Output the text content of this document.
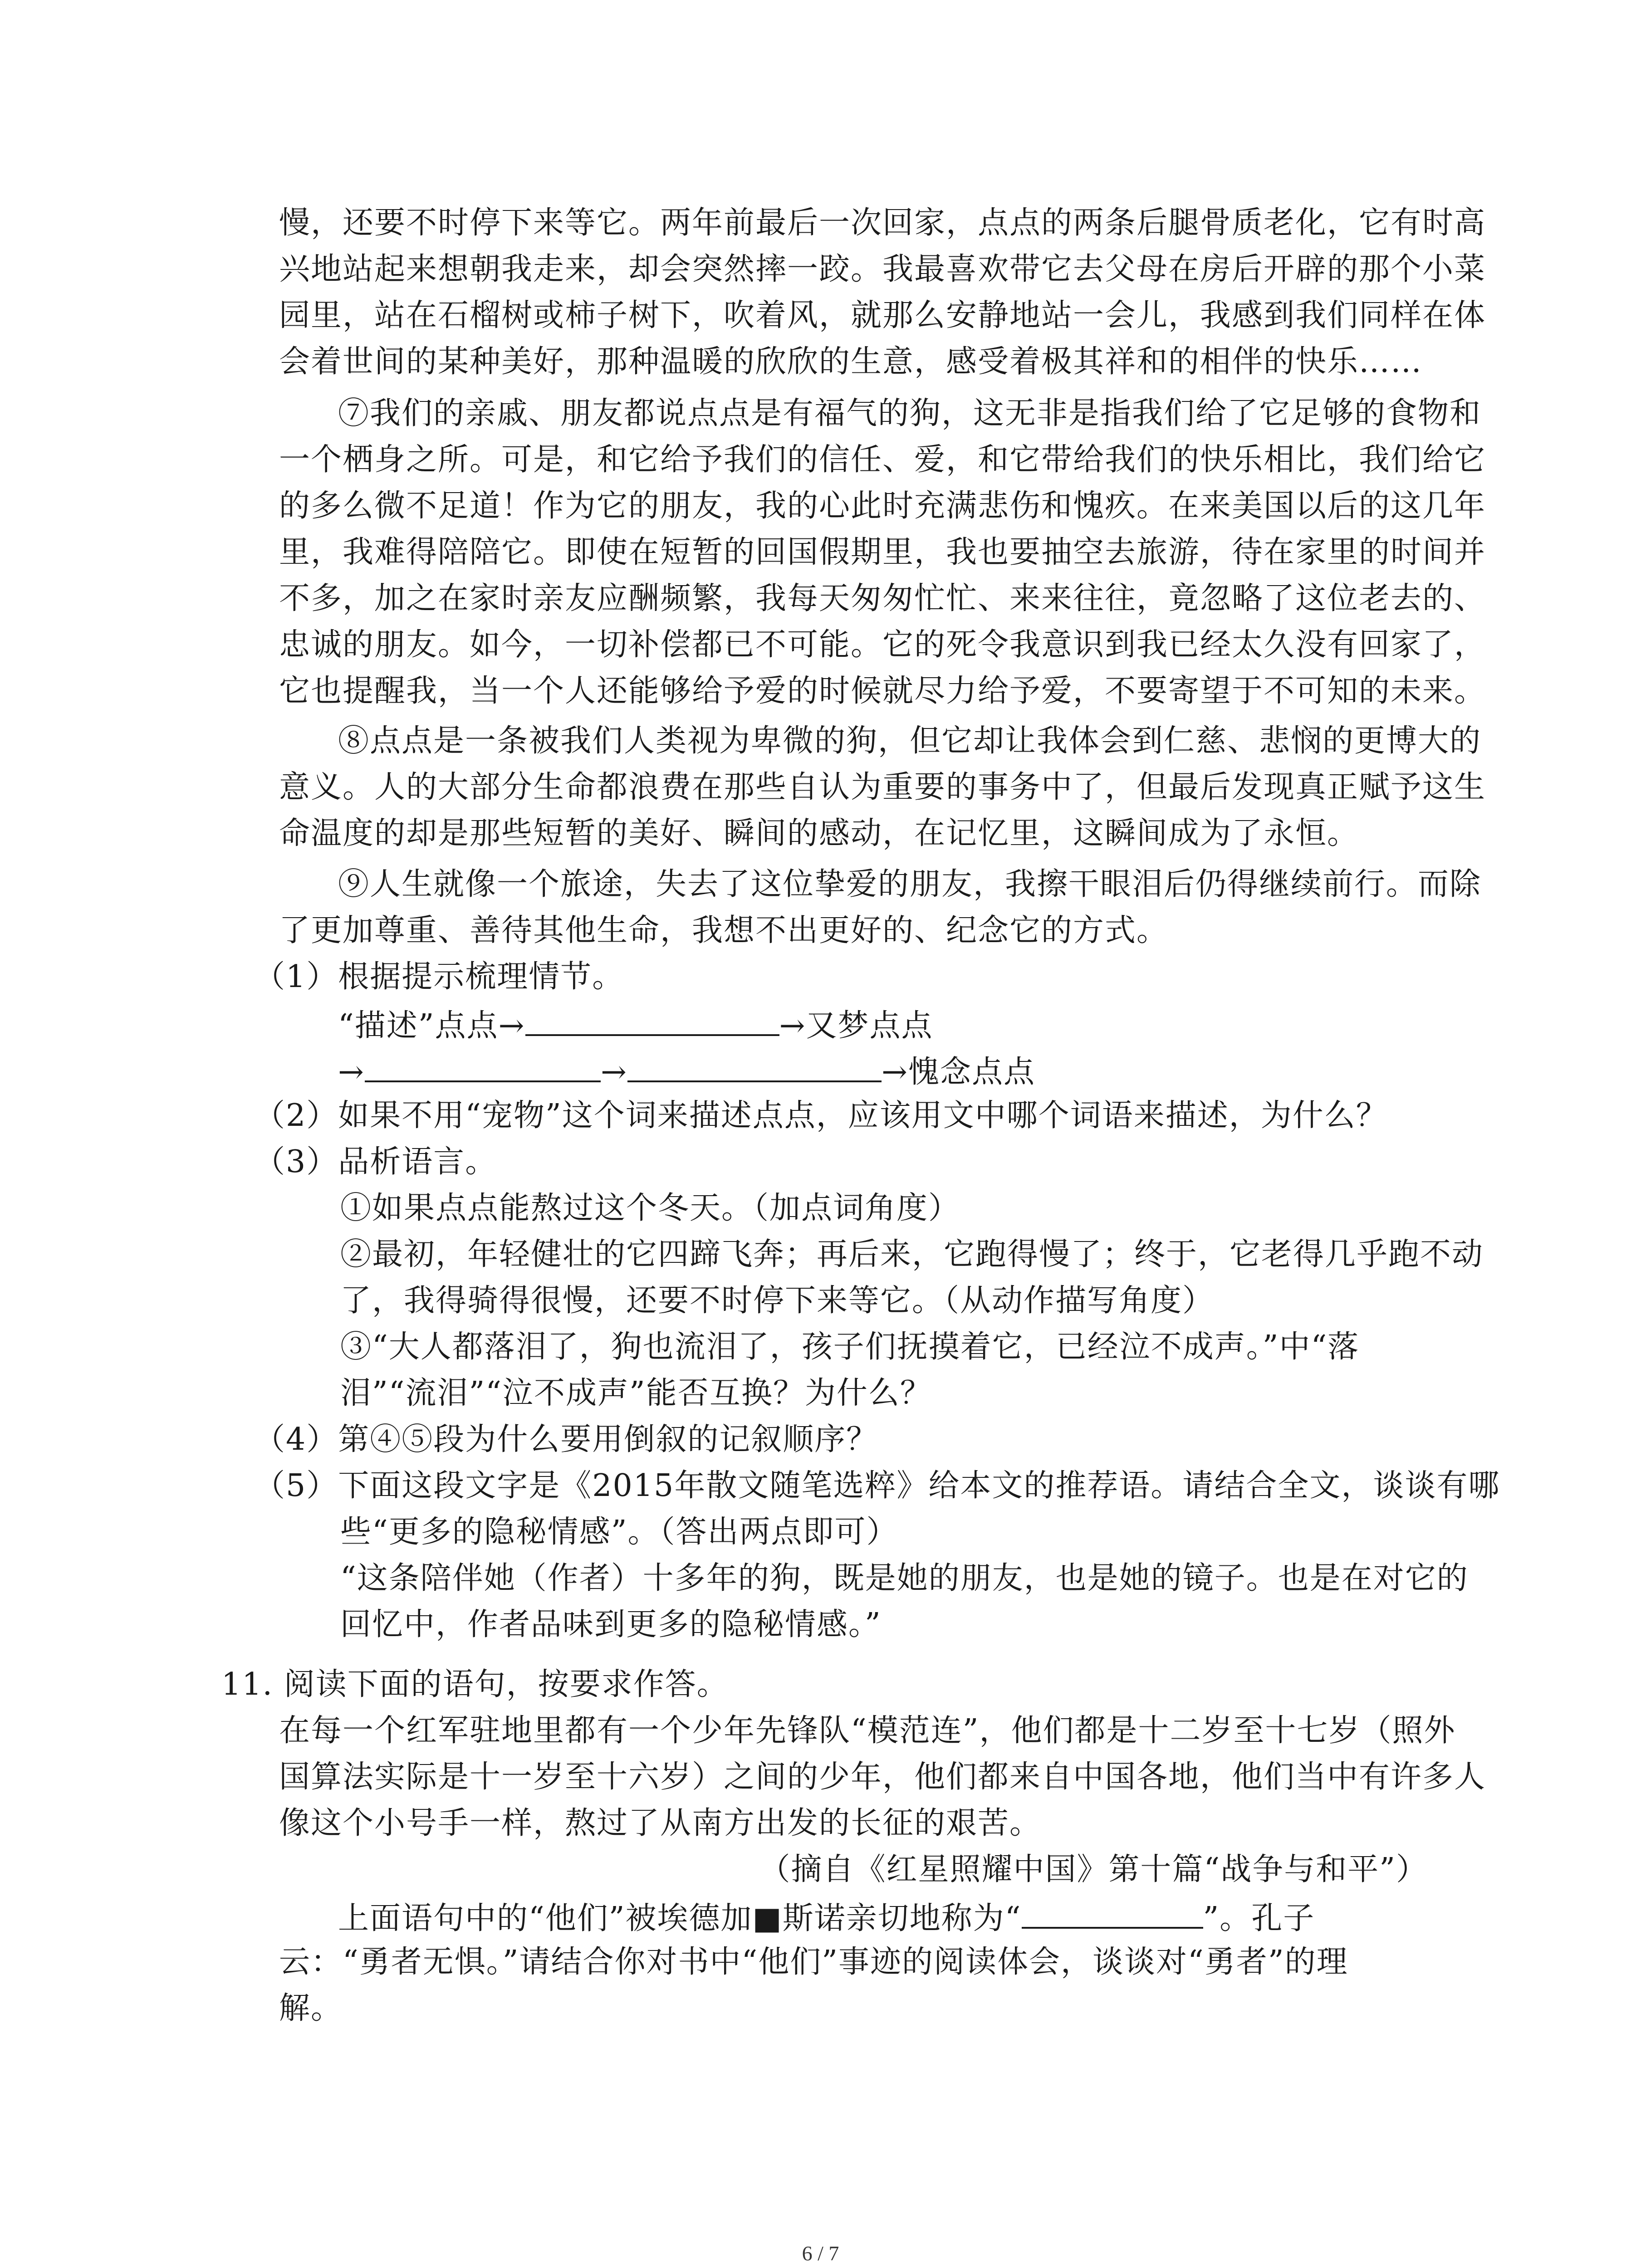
慢，还要不时停下来等它。两年前最后一次回家，点点的两条后腿骨质老化，它有时高
兴地站起来想朝我走来，却会突然摔一跤。我最喜欢带它去父母在房后开辟的那个小菜
园里，站在石榴树或柿子树下，吹着风，就那么安静地站一会儿，我感到我们同样在体
会着世间的某种美好，那种温暖的欣欣的生意，感受着极其祥和的相伴的快乐……
⑦我们的亲戚、朋友都说点点是有福气的狗，这无非是指我们给了它足够的食物和
一个栖身之所。可是，和它给予我们的信任、爱，和它带给我们的快乐相比，我们给它
的多么微不足道！作为它的朋友，我的心此时充满悲伤和愧疚。在来美国以后的这几年
里，我难得陪陪它。即使在短暂的回国假期里，我也要抽空去旅游，待在家里的时间并
不多，加之在家时亲友应酬频繁，我每天匆匆忙忙、来来往往，竟忽略了这位老去的、
忠诚的朋友。如今，一切补偿都已不可能。它的死令我意识到我已经太久没有回家了，
它也提醒我，当一个人还能够给予爱的时候就尽力给予爱，不要寄望于不可知的未来。
⑧点点是一条被我们人类视为卑微的狗，但它却让我体会到仁慈、悲悯的更博大的
意义。人的大部分生命都浪费在那些自认为重要的事务中了，但最后发现真正赋予这生
命温度的却是那些短暂的美好、瞬间的感动，在记忆里，这瞬间成为了永恒。
⑨人生就像一个旅途，失去了这位挚爱的朋友，我擦干眼泪后仍得继续前行。而除
了更加尊重、善待其他生命，我想不出更好的、纪念它的方式。
（1）根据提示梳理情节。
“描述”点点→	→又梦点点
→	→	→愧念点点
（2）如果不用“宠物”这个词来描述点点，应该用文中哪个词语来描述，为什么？
（3）品析语言。
①如果点点能熬过这个冬天。（加点词角度）
②最初，年轻健壮的它四蹄飞奔；再后来，它跑得慢了；终于，它老得几乎跑不动
了，我得骑得很慢，还要不时停下来等它。（从动作描写角度）
③“大人都落泪了，狗也流泪了，孩子们抚摸着它，已经泣不成声。”中“落
泪”“流泪”“泣不成声”能否互换？为什么？
（4）第④⑤段为什么要用倒叙的记叙顺序？
（5）下面这段文字是《2015年散文随笔选粹》给本文的推荐语。请结合全文，谈谈有哪
些“更多的隐秘情感”。（答出两点即可）
“这条陪伴她（作者）十多年的狗，既是她的朋友，也是她的镜子。也是在对它的
回忆中，作者品味到更多的隐秘情感。”
11. 阅读下面的语句，按要求作答。
在每一个红军驻地里都有一个少年先锋队“模范连”，他们都是十二岁至十七岁（照外
国算法实际是十一岁至十六岁）之间的少年，他们都来自中国各地，他们当中有许多人
像这个小号手一样，熬过了从南方出发的长征的艰苦。
（摘自《红星照耀中国》第十篇“战争与和平”）
上面语句中的“他们”被埃德加■斯诺亲切地称为“	”。孔子
云：“勇者无惧。”请结合你对书中“他们”事迹的阅读体会，谈谈对“勇者”的理
解。
6 / 7
